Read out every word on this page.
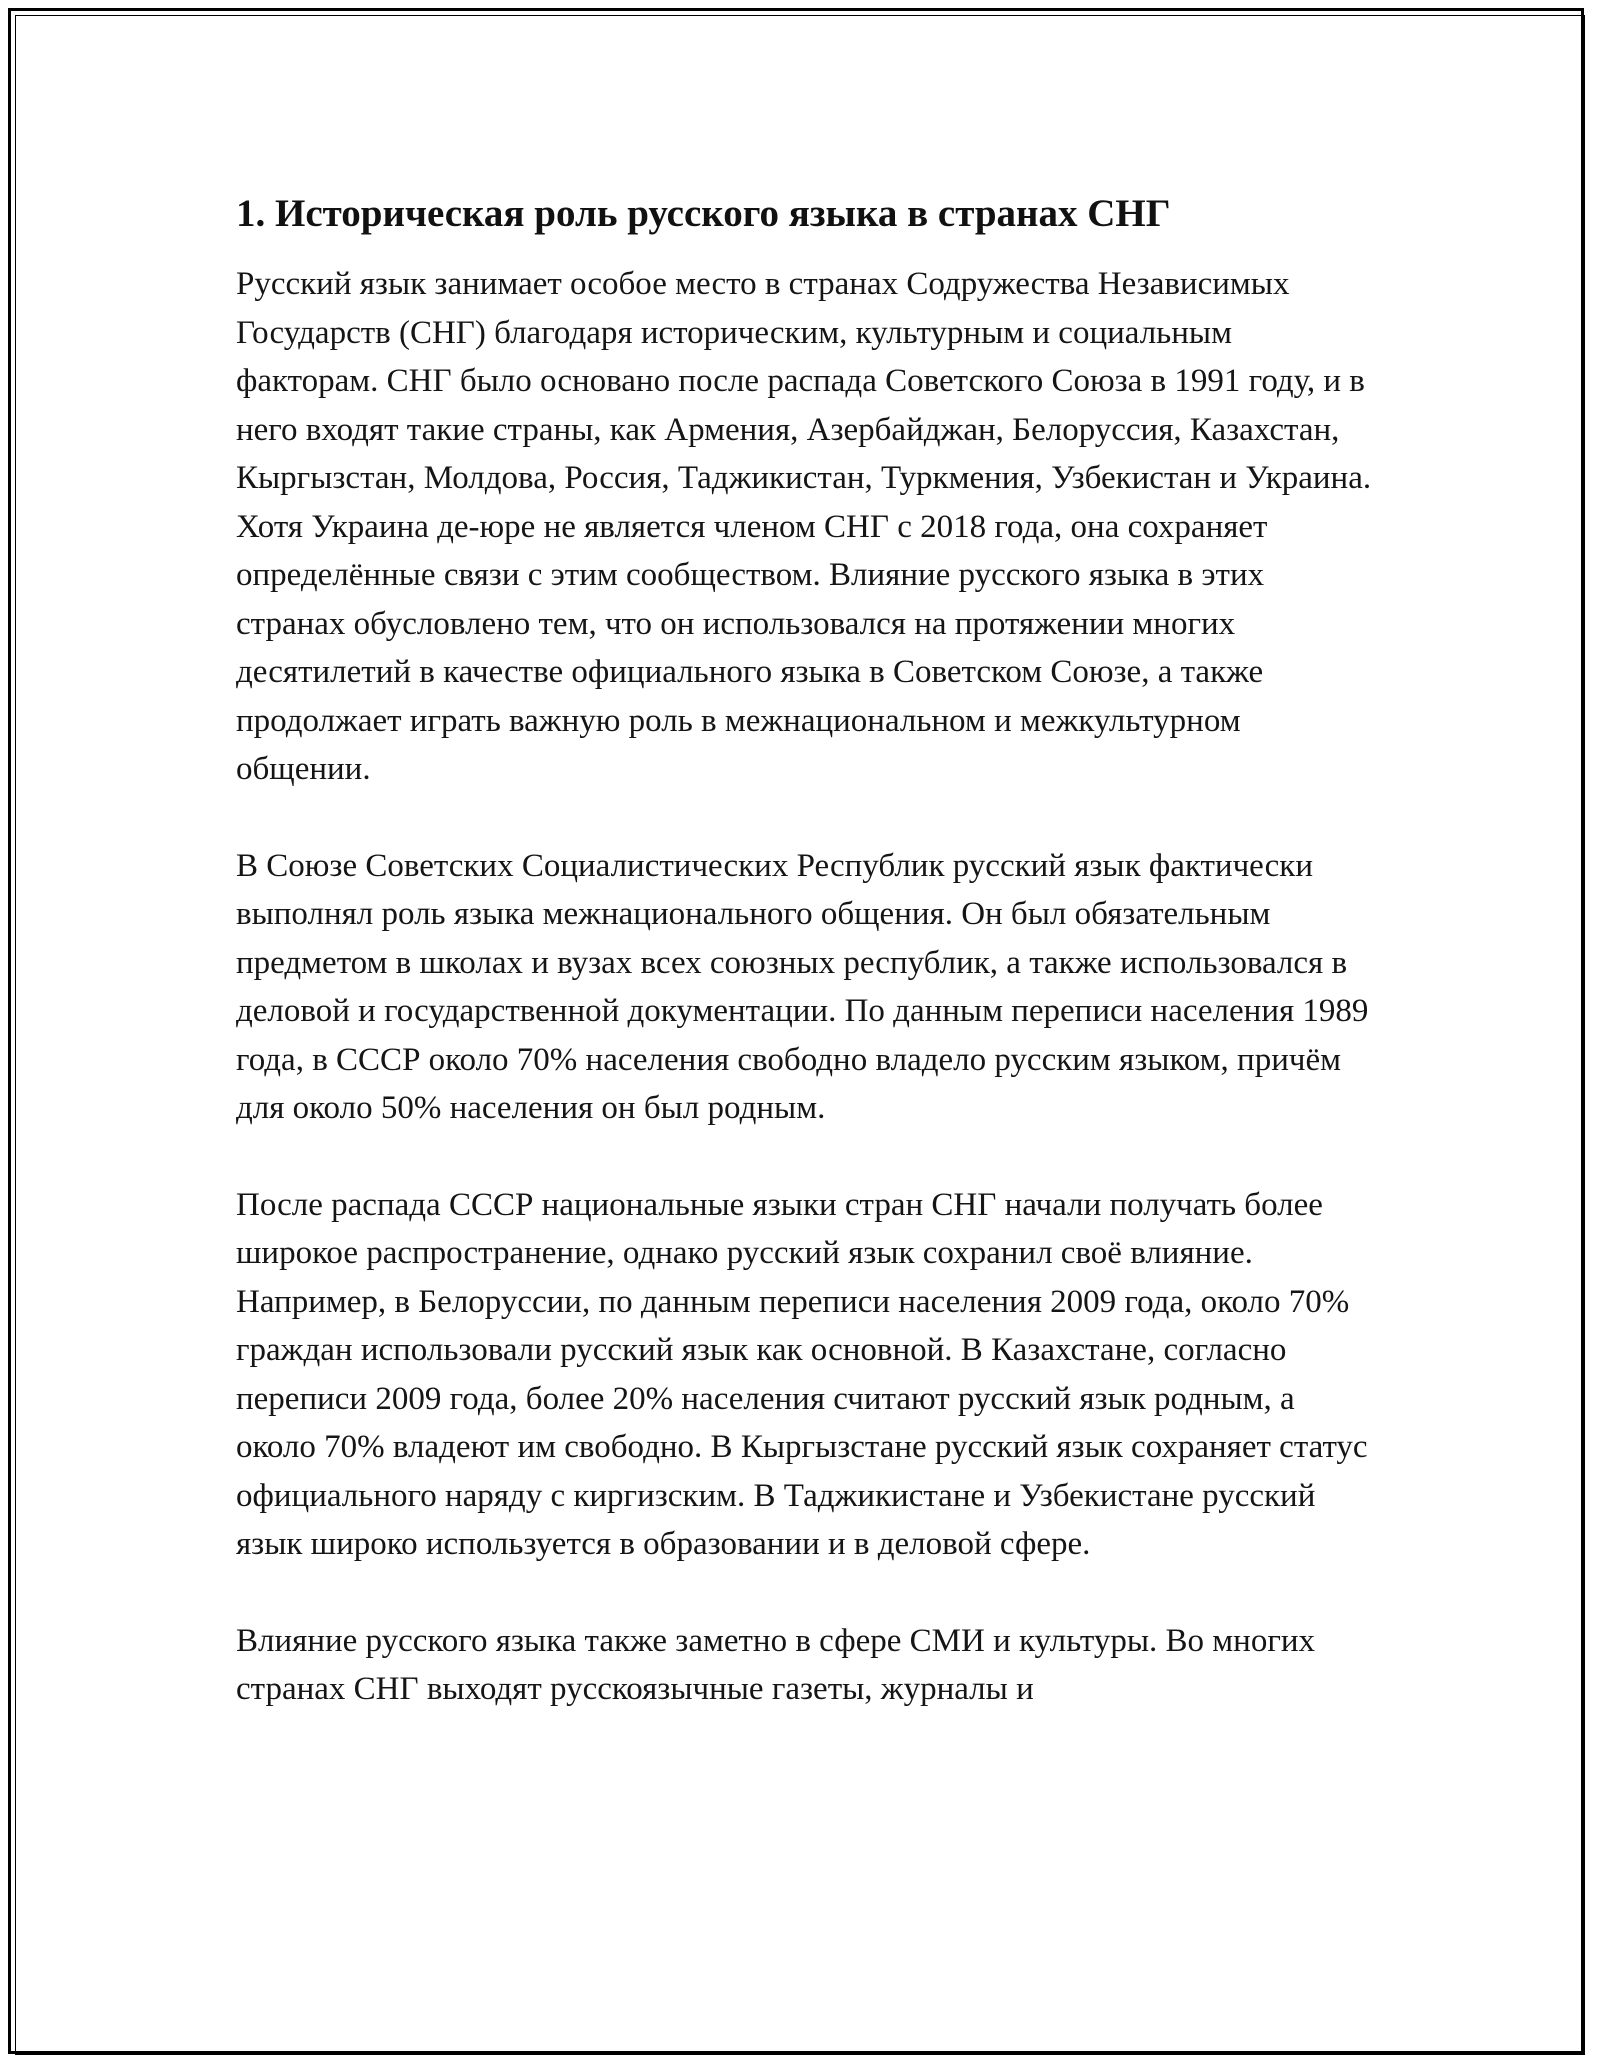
1. Историческая роль русского языка в странах СНГ

Русский язык занимает особое место в странах Содружества Независимых Государств (СНГ) благодаря историческим, культурным и социальным факторам. СНГ было основано после распада Советского Союза в 1991 году, и в него входят такие страны, как Армения, Азербайджан, Белоруссия, Казахстан, Кыргызстан, Молдова, Россия, Таджикистан, Туркмения, Узбекистан и Украина. Хотя Украина де-юре не является членом СНГ с 2018 года, она сохраняет определённые связи с этим сообществом. Влияние русского языка в этих странах обусловлено тем, что он использовался на протяжении многих десятилетий в качестве официального языка в Советском Союзе, а также продолжает играть важную роль в межнациональном и межкультурном общении.

В Союзе Советских Социалистических Республик русский язык фактически выполнял роль языка межнационального общения. Он был обязательным предметом в школах и вузах всех союзных республик, а также использовался в деловой и государственной документации. По данным переписи населения 1989 года, в СССР около 70% населения свободно владело русским языком, причём для около 50% населения он был родным.

После распада СССР национальные языки стран СНГ начали получать более широкое распространение, однако русский язык сохранил своё влияние. Например, в Белоруссии, по данным переписи населения 2009 года, около 70% граждан использовали русский язык как основной. В Казахстане, согласно переписи 2009 года, более 20% населения считают русский язык родным, а около 70% владеют им свободно. В Кыргызстане русский язык сохраняет статус официального наряду с киргизским. В Таджикистане и Узбекистане русский язык широко используется в образовании и в деловой сфере.

Влияние русского языка также заметно в сфере СМИ и культуры. Во многих странах СНГ выходят русскоязычные газеты, журналы и
